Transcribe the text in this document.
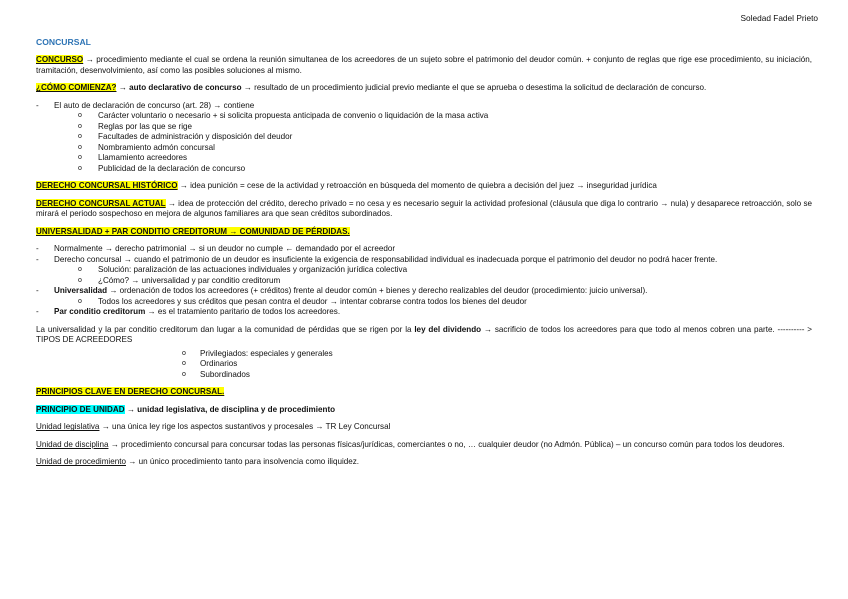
Soledad Fadel Prieto
CONCURSAL

CONCURSO → procedimiento mediante el cual se ordena la reunión simultanea de los acreedores de un sujeto sobre el patrimonio del deudor común. + conjunto de reglas que rige ese procedimiento, su iniciación, tramitación, desenvolvimiento, así como las posibles soluciones al mismo.

¿CÓMO COMIENZA? → auto declarativo de concurso → resultado de un procedimiento judicial previo mediante el que se aprueba o desestima la solicitud de declaración de concurso.

- El auto de declaración de concurso (art. 28) → contiene
o Carácter voluntario o necesario + si solicita propuesta anticipada de convenio o liquidación de la masa activa
o Reglas por las que se rige
o Facultades de administración y disposición del deudor
o Nombramiento admón concursal
o Llamamiento acreedores
o Publicidad de la declaración de concurso

DERECHO CONCURSAL HISTÓRICO → idea punición = cese de la actividad y retroacción en búsqueda del momento de quiebra a decisión del juez → inseguridad jurídica

DERECHO CONCURSAL ACTUAL → idea de protección del crédito, derecho privado = no cesa y es necesario seguir la actividad profesional (cláusula que diga lo contrario → nula) y desaparece retroacción, solo se mirará el periodo sospechoso en mejora de algunos familiares ara que sean créditos subordinados.

UNIVERSALIDAD + PAR CONDITIO CREDITORUM → COMUNIDAD DE PÉRDIDAS.

- Normalmente → derecho patrimonial → si un deudor no cumple ← demandado por el acreedor
- Derecho concursal → cuando el patrimonio de un deudor es insuficiente la exigencia de responsabilidad individual es inadecuada porque el patrimonio del deudor no podrá hacer frente.
o Solución: paralización de las actuaciones individuales y organización jurídica colectiva
o ¿Cómo? → universalidad y par conditio creditorum
- Universalidad → ordenación de todos los acreedores (+ créditos) frente al deudor común + bienes y derecho realizables del deudor (procedimiento: juicio universal).
o Todos los acreedores y sus créditos que pesan contra el deudor → intentar cobrarse contra todos los bienes del deudor
- Par conditio creditorum → es el tratamiento paritario de todos los acreedores.

La universalidad y la par conditio creditorum dan lugar a la comunidad de pérdidas que se rigen por la ley del dividendo → sacrificio de todos los acreedores para que todo al menos cobren una parte. ---------- > TIPOS DE ACREEDORES

o Privilegiados: especiales y generales
o Ordinarios
o Subordinados

PRINCIPIOS CLAVE EN DERECHO CONCURSAL.

PRINCIPIO DE UNIDAD → unidad legislativa, de disciplina y de procedimiento

Unidad legislativa → una única ley rige los aspectos sustantivos y procesales → TR Ley Concursal

Unidad de disciplina → procedimiento concursal para concursar todas las personas físicas/jurídicas, comerciantes o no, … cualquier deudor (no Admón. Pública) – un concurso común para todos los deudores.

Unidad de procedimiento → un único procedimiento tanto para insolvencia como iliquidez.
